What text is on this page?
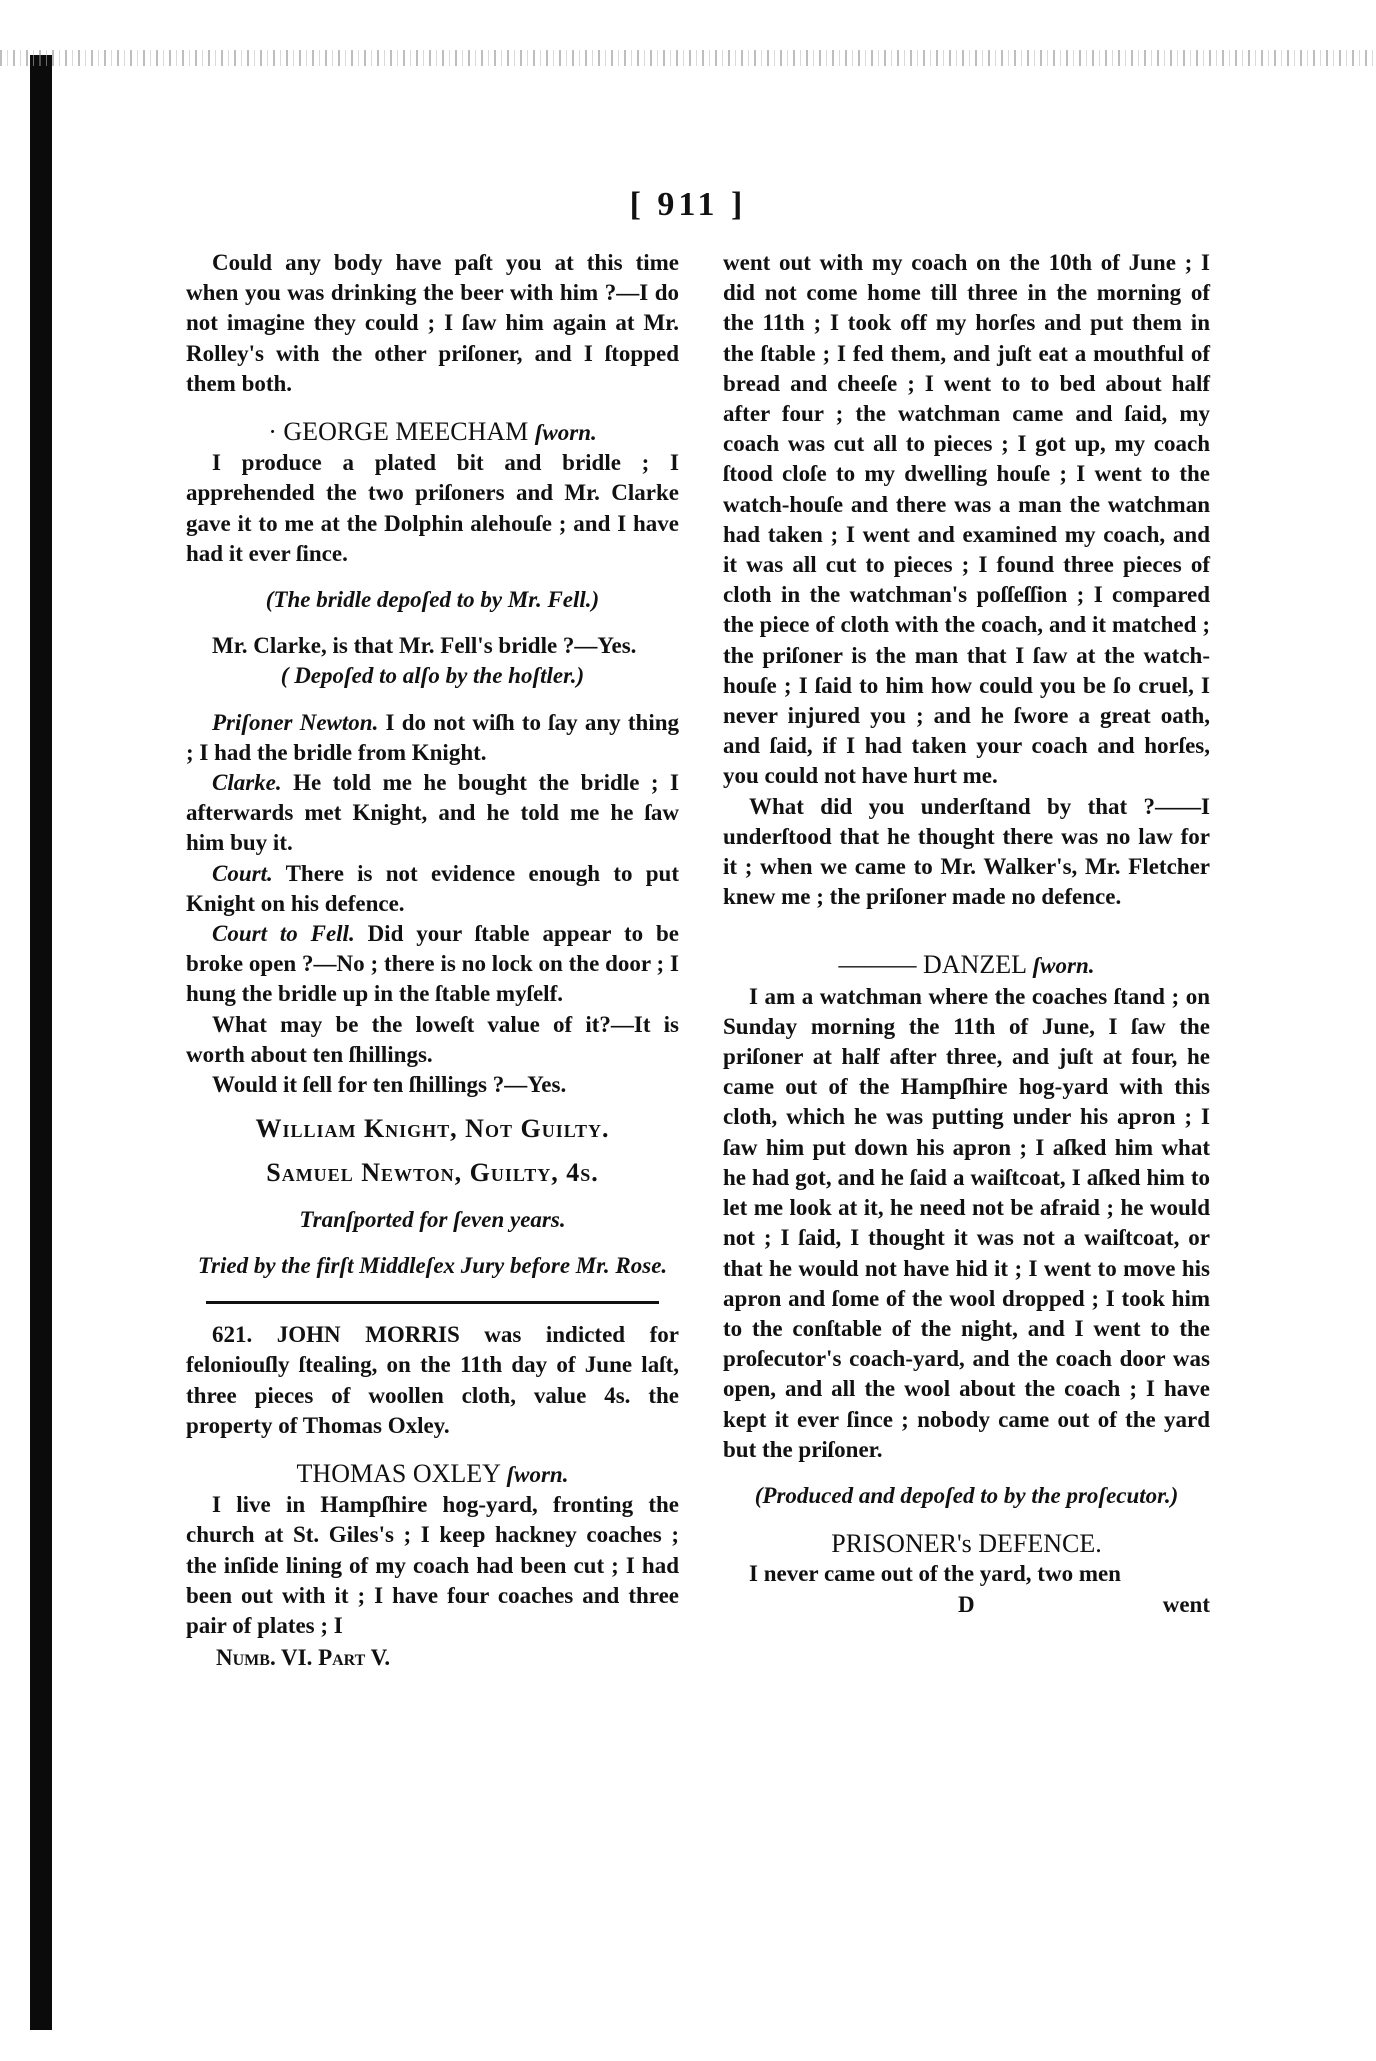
[ 911 ]

Could any body have paſt you at this time when you was drinking the beer with him ?—I do not imagine they could ; I ſaw him again at Mr. Rolley's with the other priſoner, and I ſtopped them both.

· GEORGE MEECHAM ſworn.

I produce a plated bit and bridle ; I apprehended the two priſoners and Mr. Clarke gave it to me at the Dolphin alehouſe ; and I have had it ever ſince.

(The bridle depoſed to by Mr. Fell.)

Mr. Clarke, is that Mr. Fell's bridle ?—Yes.

( Depoſed to alſo by the hoſtler.)

Priſoner Newton. I do not wiſh to ſay any thing ; I had the bridle from Knight.

Clarke. He told me he bought the bridle ; I afterwards met Knight, and he told me he ſaw him buy it.

Court. There is not evidence enough to put Knight on his defence.

Court to Fell. Did your ſtable appear to be broke open ?—No ; there is no lock on the door ; I hung the bridle up in the ſtable myſelf.

What may be the loweſt value of it?—It is worth about ten ſhillings.

Would it ſell for ten ſhillings ?—Yes.

William Knight, Not Guilty.

Samuel Newton, Guilty, 4s.

Tranſported for ſeven years.

Tried by the firſt Middleſex Jury before Mr. Rose.

621. JOHN MORRIS was indicted for feloniouſly ſtealing, on the 11th day of June laſt, three pieces of woollen cloth, value 4s. the property of Thomas Oxley.

THOMAS OXLEY ſworn.

I live in Hampſhire hog-yard, fronting the church at St. Giles's ; I keep hackney coaches ; the inſide lining of my coach had been cut ; I had been out with it ; I have four coaches and three pair of plates ; I

Numb. VI. Part V.

went out with my coach on the 10th of June ; I did not come home till three in the morning of the 11th ; I took off my horſes and put them in the ſtable ; I fed them, and juſt eat a mouthful of bread and cheeſe ; I went to to bed about half after four ; the watchman came and ſaid, my coach was cut all to pieces ; I got up, my coach ſtood cloſe to my dwelling houſe ; I went to the watch-houſe and there was a man the watchman had taken ; I went and examined my coach, and it was all cut to pieces ; I found three pieces of cloth in the watchman's poſſeſſion ; I compared the piece of cloth with the coach, and it matched ; the priſoner is the man that I ſaw at the watch-houſe ; I ſaid to him how could you be ſo cruel, I never injured you ; and he ſwore a great oath, and ſaid, if I had taken your coach and horſes, you could not have hurt me.

What did you underſtand by that ?——I underſtood that he thought there was no law for it ; when we came to Mr. Walker's, Mr. Fletcher knew me ; the priſoner made no defence.

——— DANZEL ſworn.

I am a watchman where the coaches ſtand ; on Sunday morning the 11th of June, I ſaw the priſoner at half after three, and juſt at four, he came out of the Hampſhire hog-yard with this cloth, which he was putting under his apron ; I ſaw him put down his apron ; I aſked him what he had got, and he ſaid a waiſtcoat, I aſked him to let me look at it, he need not be afraid ; he would not ; I ſaid, I thought it was not a waiſtcoat, or that he would not have hid it ; I went to move his apron and ſome of the wool dropped ; I took him to the conſtable of the night, and I went to the proſecutor's coach-yard, and the coach door was open, and all the wool about the coach ; I have kept it ever ſince ; nobody came out of the yard but the priſoner.

(Produced and depoſed to by the proſecutor.)

PRISONER's DEFENCE.

I never came out of the yard, two men

D	went
